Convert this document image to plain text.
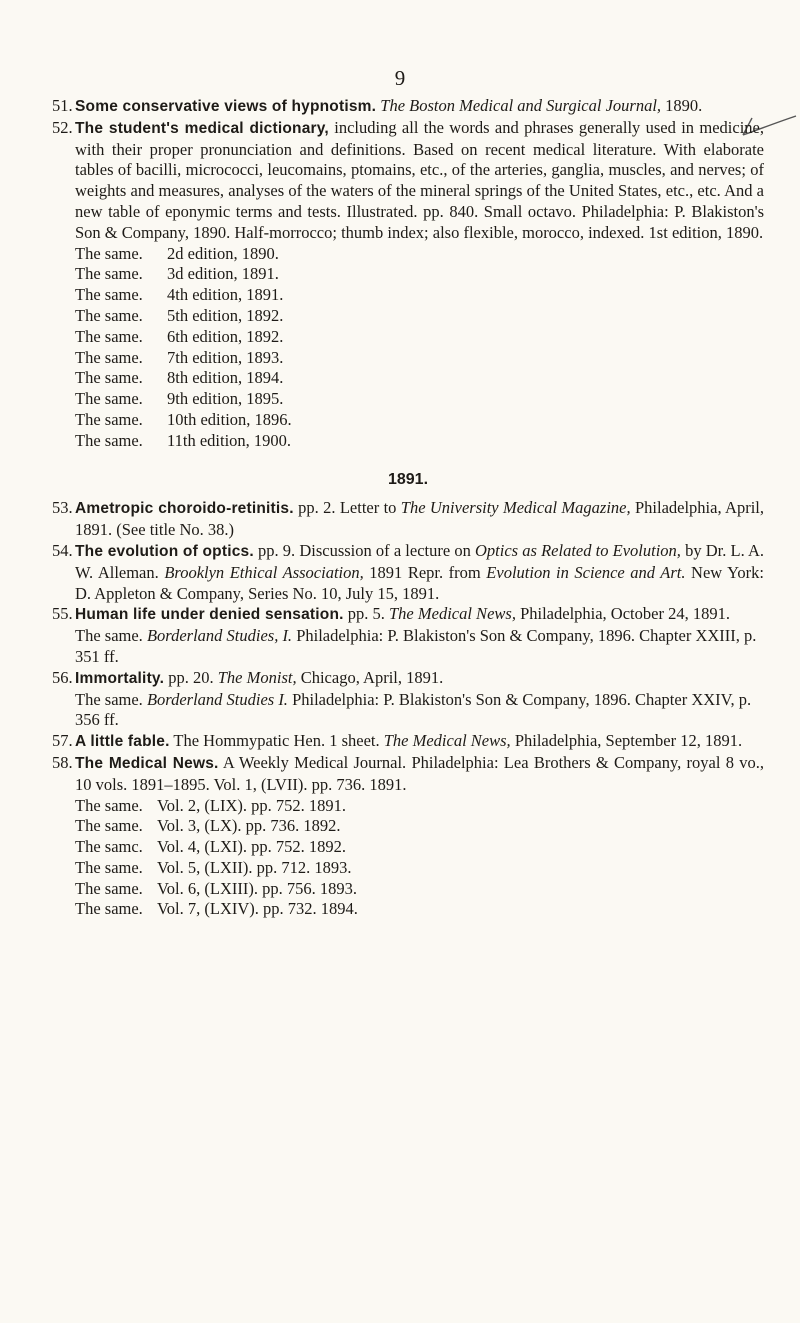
9
51. Some conservative views of hypnotism. The Boston Medical and Surgical Journal, 1890.
52. The student's medical dictionary, including all the words and phrases generally used in medicine, with their proper pronunciation and definitions. Based on recent medical literature. With elaborate tables of bacilli, micrococci, leucomains, ptomains, etc., of the arteries, ganglia, muscles, and nerves; of weights and measures, analyses of the waters of the mineral springs of the United States, etc., etc. And a new table of eponymic terms and tests. Illustrated. pp. 840. Small octavo. Philadelphia: P. Blakiston's Son & Company, 1890. Half-morrocco; thumb index; also flexible, morocco, indexed. 1st edition, 1890.
The same.	2d edition, 1890.
The same.	3d edition, 1891.
The same.	4th edition, 1891.
The same.	5th edition, 1892.
The same.	6th edition, 1892.
The same.	7th edition, 1893.
The same.	8th edition, 1894.
The same.	9th edition, 1895.
The same.	10th edition, 1896.
The same.	11th edition, 1900.
1891.
53. Ametropic choroido-retinitis. pp. 2. Letter to The University Medical Magazine, Philadelphia, April, 1891. (See title No. 38.)
54. The evolution of optics. pp. 9. Discussion of a lecture on Optics as Related to Evolution, by Dr. L. A. W. Alleman. Brooklyn Ethical Association, 1891 Repr. from Evolution in Science and Art. New York: D. Appleton & Company, Series No. 10, July 15, 1891.
55. Human life under denied sensation. pp. 5. The Medical News, Philadelphia, October 24, 1891.
The same. Borderland Studies, I. Philadelphia: P. Blakiston's Son & Company, 1896. Chapter XXIII, p. 351 ff.
56. Immortality. pp. 20. The Monist, Chicago, April, 1891.
The same. Borderland Studies I. Philadelphia: P. Blakiston's Son & Company, 1896. Chapter XXIV, p. 356 ff.
57. A little fable. The Hommypatic Hen. 1 sheet. The Medical News, Philadelphia, September 12, 1891.
58. The Medical News. A Weekly Medical Journal. Philadelphia: Lea Brothers & Company, royal 8 vo., 10 vols. 1891–1895. Vol. 1, (LVII). pp. 736. 1891.
The same. Vol. 2, (LIX). pp. 752. 1891.
The same. Vol. 3, (LX). pp. 736. 1892.
The samc. Vol. 4, (LXI). pp. 752. 1892.
The same. Vol. 5, (LXII). pp. 712. 1893.
The same. Vol. 6, (LXIII). pp. 756. 1893.
The same. Vol. 7, (LXIV). pp. 732. 1894.
